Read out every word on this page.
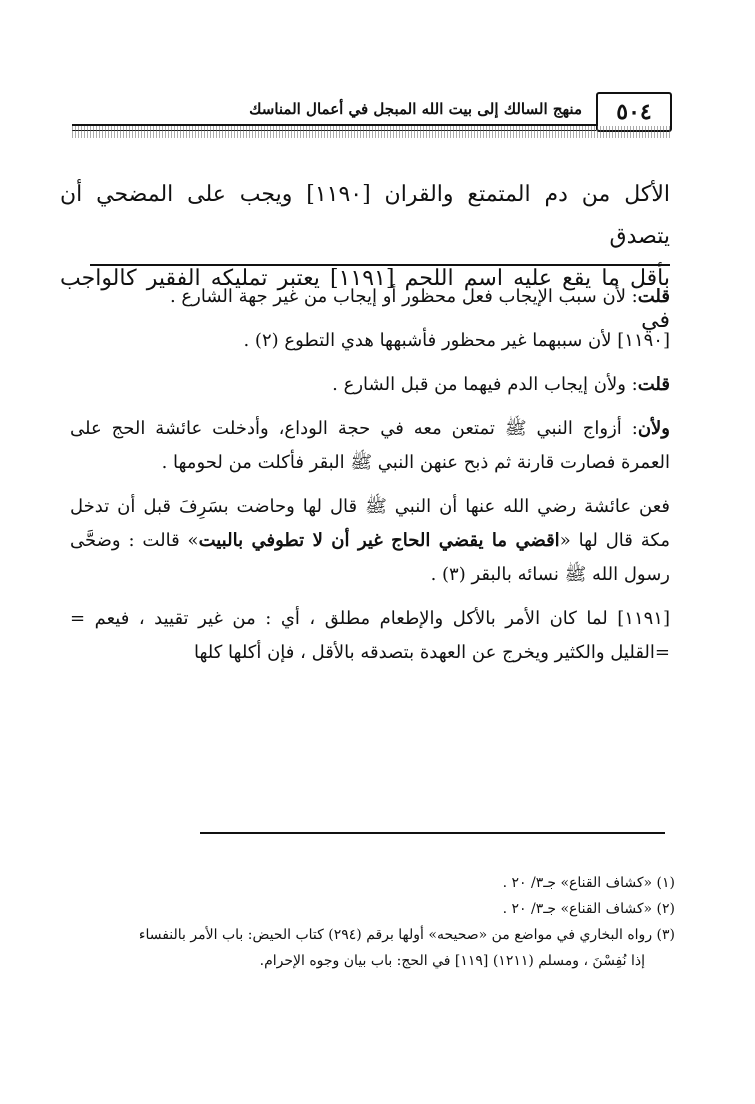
٥٠٤
منهج السالك إلى بيت الله المبجل في أعمال المناسك

الأكل من دم المتمتع والقران [١١٩٠] ويجب على المضحي أن يتصدق

بأقل ما يقع عليه اسم اللحم [١١٩١] يعتبر تمليكه الفقير كالواجب في

قلت: لأن سبب الإيجاب فعل محظور أو إيجاب من غير جهة الشارع .

[١١٩٠] لأن سببهما غير محظور فأشبهها هدي التطوع (٢) .

قلت: ولأن إيجاب الدم فيهما من قبل الشارع .

ولأن: أزواج النبي ﷺ تمتعن معه في حجة الوداع، وأدخلت عائشة الحج على العمرة فصارت قارنة ثم ذبح عنهن النبي ﷺ البقر فأكلت من لحومها .

فعن عائشة رضي الله عنها أن النبي ﷺ قال لها وحاضت بسَرِفَ قبل أن تدخل مكة قال لها «اقضي ما يقضي الحاج غير أن لا تطوفي بالبيت» قالت : وضحَّى رسول الله ﷺ نسائه بالبقر (٣) .

[١١٩١] لما كان الأمر بالأكل والإطعام مطلق ، أي : من غير تقييد ، فيعم = =القليل والكثير ويخرج عن العهدة بتصدقه بالأقل ، فإن أكلها كلها

(١) «كشاف القناع» جـ٣/ ٢٠ .

(٢) «كشاف القناع» جـ٣/ ٢٠ .

(٣) رواه البخاري في مواضع من «صحيحه» أولها برقم (٢٩٤) كتاب الحيض: باب الأمر بالنفساء

إذا نُفِسْنَ ، ومسلم (١٢١١) [١١٩] في الحج: باب بيان وجوه الإحرام.
